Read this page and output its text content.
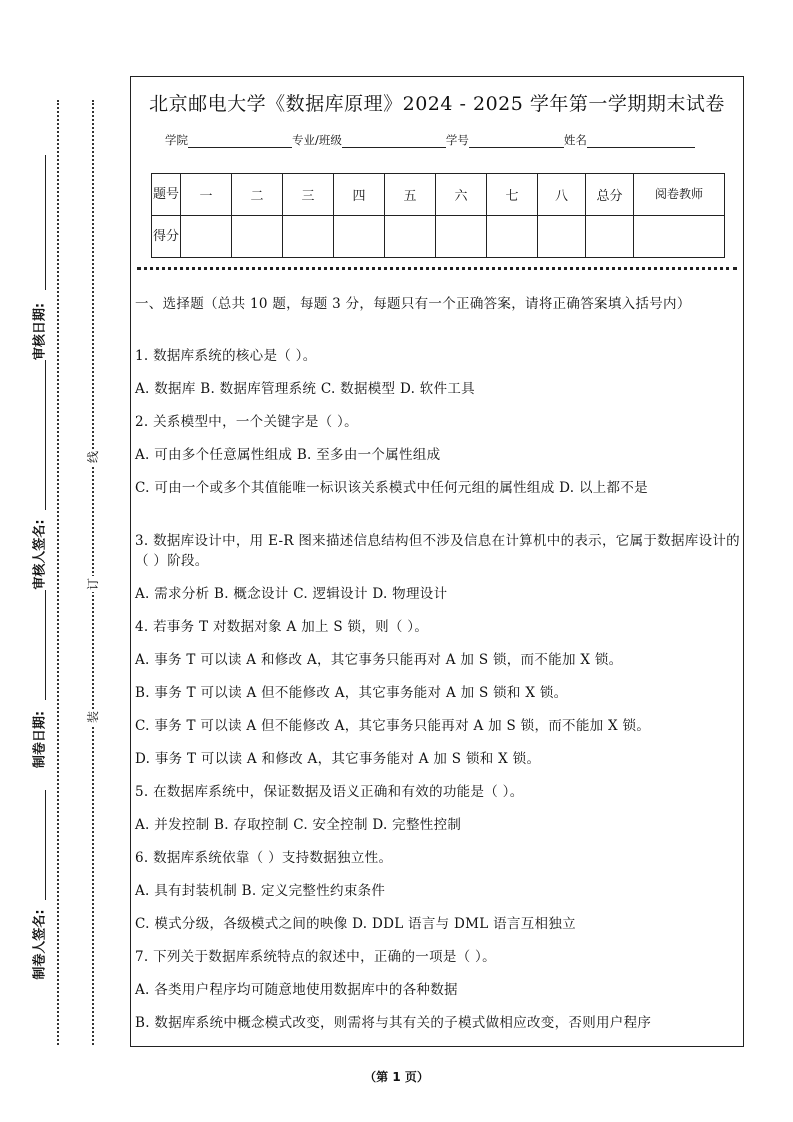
审核日期:
审核人签名:
制卷日期:
制卷人签名:
线
订
装
北京邮电大学《数据库原理》2024 - 2025 学年第一学期期末试卷
学院	专业/班级	学号	姓名
题号	一	二	三	四	五	六	七	八	总分	阅卷教师
得分										

一、选择题（总共 10 题，每题 3 分，每题只有一个正确答案，请将正确答案填入括号内）

1. 数据库系统的核心是（ ）。

A. 数据库 B. 数据库管理系统 C. 数据模型 D. 软件工具

2. 关系模型中，一个关键字是（ ）。

A. 可由多个任意属性组成 B. 至多由一个属性组成

C. 可由一个或多个其值能唯一标识该关系模式中任何元组的属性组成 D. 以上都不是

3. 数据库设计中，用 E-R 图来描述信息结构但不涉及信息在计算机中的表示，它属于数据库设计的（ ）阶段。

A. 需求分析 B. 概念设计 C. 逻辑设计 D. 物理设计

4. 若事务 T 对数据对象 A 加上 S 锁，则（ ）。

A. 事务 T 可以读 A 和修改 A，其它事务只能再对 A 加 S 锁，而不能加 X 锁。

B. 事务 T 可以读 A 但不能修改 A，其它事务能对 A 加 S 锁和 X 锁。

C. 事务 T 可以读 A 但不能修改 A，其它事务只能再对 A 加 S 锁，而不能加 X 锁。

D. 事务 T 可以读 A 和修改 A，其它事务能对 A 加 S 锁和 X 锁。

5. 在数据库系统中，保证数据及语义正确和有效的功能是（ ）。

A. 并发控制 B. 存取控制 C. 安全控制 D. 完整性控制

6. 数据库系统依靠（ ）支持数据独立性。

A. 具有封装机制 B. 定义完整性约束条件

C. 模式分级，各级模式之间的映像 D. DDL 语言与 DML 语言互相独立

7. 下列关于数据库系统特点的叙述中，正确的一项是（ ）。

A. 各类用户程序均可随意地使用数据库中的各种数据

B. 数据库系统中概念模式改变，则需将与其有关的子模式做相应改变，否则用户程序

（第 1 页）
